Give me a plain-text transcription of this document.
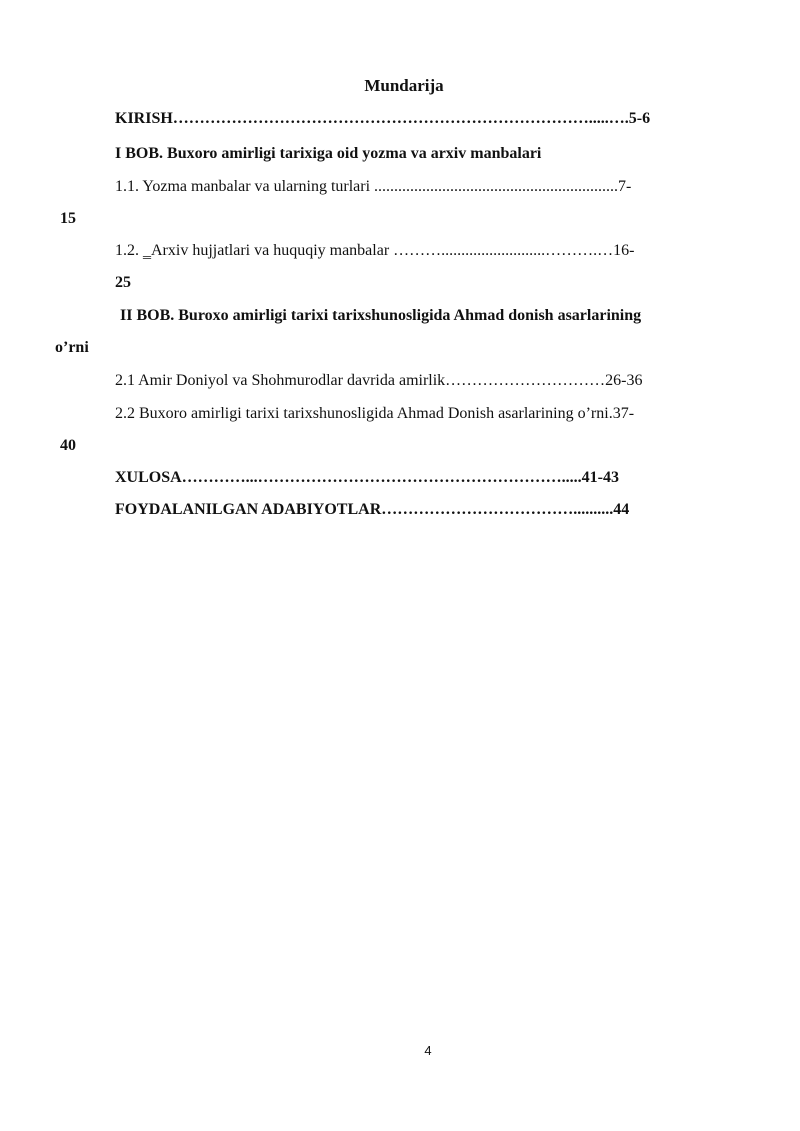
Mundarija
KIRISH…………………………………………………………………….....….5-6
I BOB. Buxoro amirligi tarixiga oid yozma va arxiv manbalari
1.1. Yozma manbalar va ularning turlari .............................................................7-
15
1.2. ‗Arxiv hujjatlari va huquqiy manbalar ………..........................……….…16-
25
II BOB. Buroxo amirligi tarixi tarixshunosligida Ahmad donish asarlarining
o’rni
2.1 Amir Doniyol va Shohmurodlar davrida amirlik…………………………26-36
2.2 Buxoro amirligi tarixi tarixshunosligida Ahmad Donish asarlarining o’rni.37-
40
XULOSA…………...………………………………………………….....41-43
FOYDALANILGAN ADABIYOTLAR………………………………..........44
4
